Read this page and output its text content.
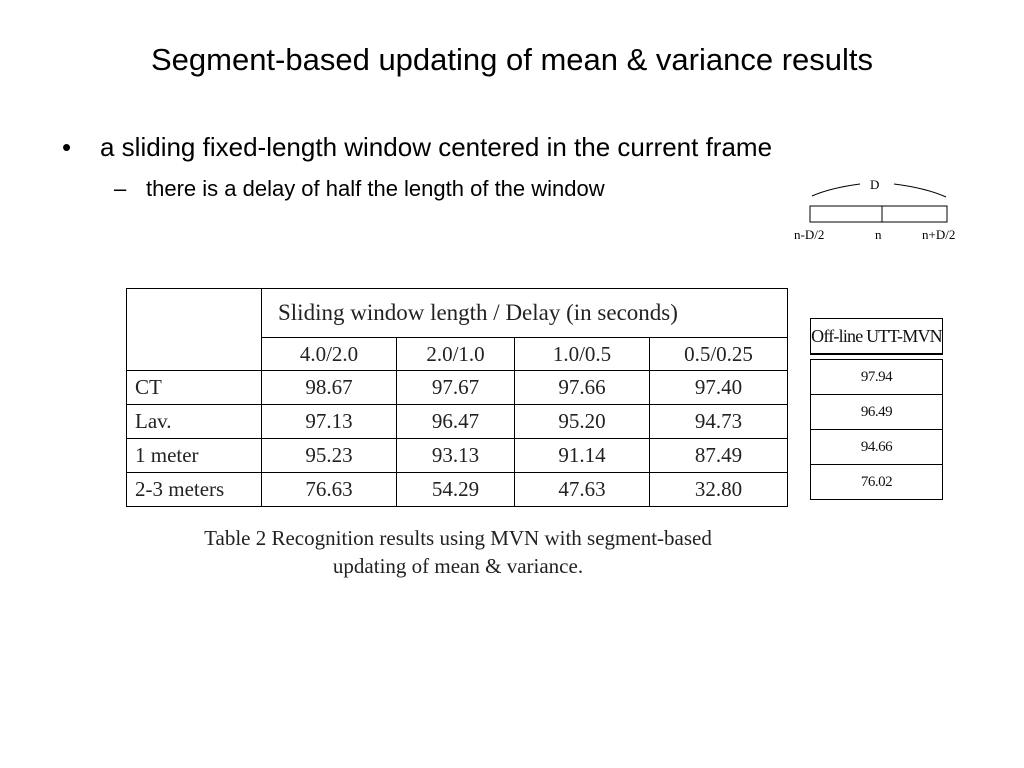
Segment-based updating of mean & variance results
• a sliding fixed-length window centered in the current frame
– there is a delay of half the length of the window	D
n-D/2	n	n+D/2
	Sliding window length / Delay (in seconds)			
	4.0/2.0	2.0/1.0	1.0/0.5	0.5/0.25
CT	98.67	97.67	97.66	97.40
Lav.	97.13	96.47	95.20	94.73
1 meter	95.23	93.13	91.14	87.49
2-3 meters	76.63	54.29	47.63	32.80
Table 2 Recognition results using MVN with segment-based
updating of mean & variance.
Off-line UTT-MVN
97.94
96.49
94.66
76.02
